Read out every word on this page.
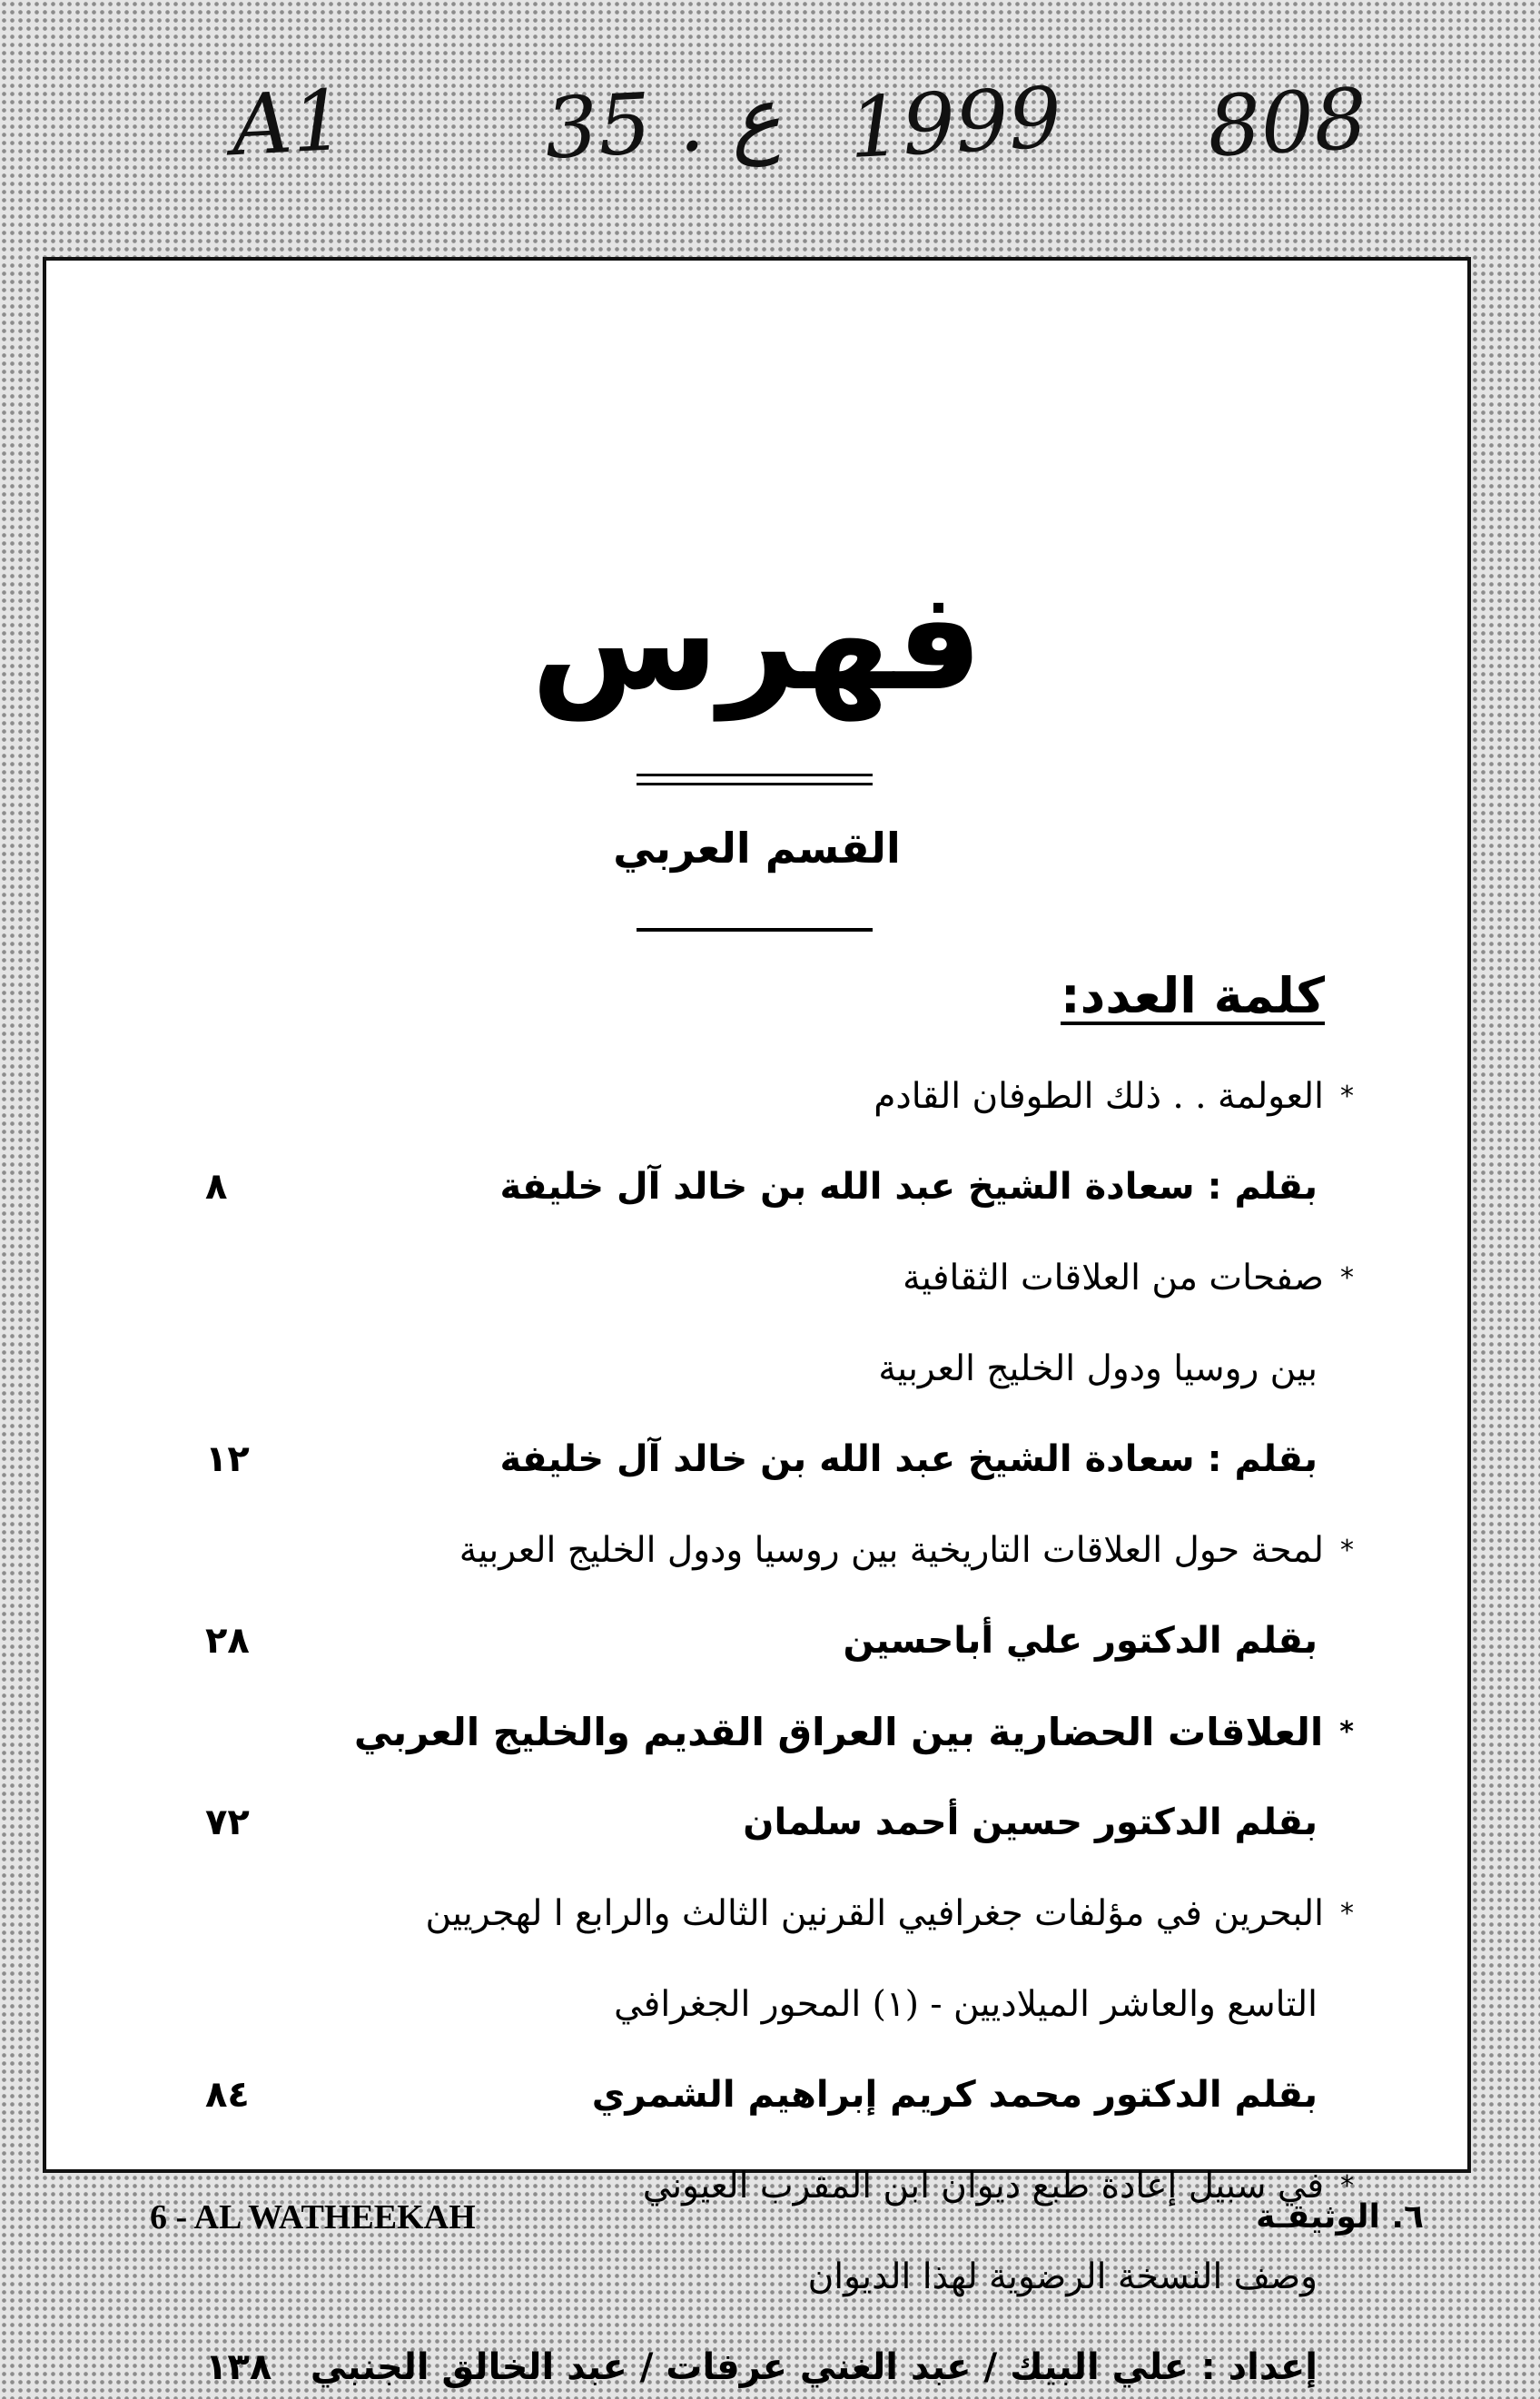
A1 35 . ع 1999 808
فهرس
القسم العربي
كلمة العدد:
*
العولمة . . ذلك الطوفان القادم
بقلم : سعادة الشيخ عبد الله بن خالد آل خليفة
٨
*
صفحات من العلاقات الثقافية
بين روسيا ودول الخليج العربية
بقلم : سعادة الشيخ عبد الله بن خالد آل خليفة
١٢
*
لمحة حول العلاقات التاريخية بين روسيا ودول الخليج العربية
بقلم الدكتور علي أباحسين
٢٨
*
العلاقات الحضارية بين العراق القديم والخليج العربي
بقلم الدكتور حسين أحمد سلمان
٧٢
*
البحرين في مؤلفات جغرافيي القرنين الثالث والرابع ا لهجريين
التاسع والعاشر الميلاديين - (١) المحور الجغرافي
بقلم الدكتور محمد كريم إبراهيم الشمري
٨٤
*
في سبيل إعادة طبع ديوان ابن المقرب العيوني
وصف النسخة الرضوية لهذا الديوان
إعداد : علي البيك / عبد الغني عرفات / عبد الخالق الجنبي
١٣٨
6 - AL WATHEEKAH	٦. الوثيقـة
